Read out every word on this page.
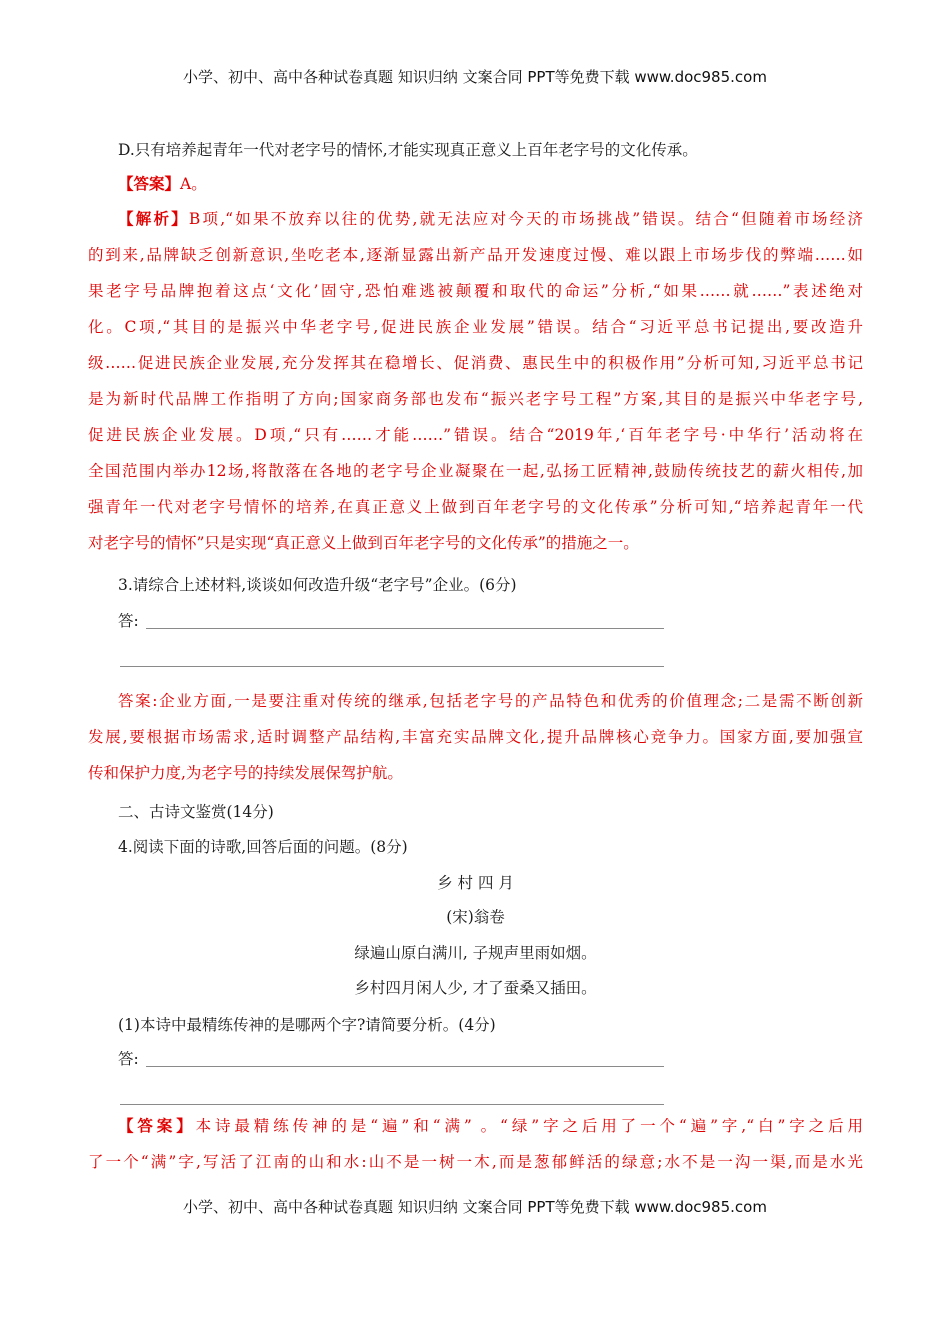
小学、初中、高中各种试卷真题 知识归纳 文案合同 PPT等免费下载 www.doc985.com
D.只有培养起青年一代对老字号的情怀,才能实现真正意义上百年老字号的文化传承。
【答案】A。
【解析】B项,“如果不放弃以往的优势,就无法应对今天的市场挑战”错误。结合“但随着市场经济
的到来,品牌缺乏创新意识,坐吃老本,逐渐显露出新产品开发速度过慢、难以跟上市场步伐的弊端……如
果老字号品牌抱着这点‘文化’固守,恐怕难逃被颠覆和取代的命运”分析,“如果……就……”表述绝对
化。C项,“其目的是振兴中华老字号,促进民族企业发展”错误。结合“习近平总书记提出,要改造升
级……促进民族企业发展,充分发挥其在稳增长、促消费、惠民生中的积极作用”分析可知,习近平总书记
是为新时代品牌工作指明了方向;国家商务部也发布“振兴老字号工程”方案,其目的是振兴中华老字号,
促进民族企业发展。D项,“只有……才能……”错误。结合“2019年,‘百年老字号·中华行’活动将在
全国范围内举办12场,将散落在各地的老字号企业凝聚在一起,弘扬工匠精神,鼓励传统技艺的薪火相传,加
强青年一代对老字号情怀的培养,在真正意义上做到百年老字号的文化传承”分析可知,“培养起青年一代
对老字号的情怀”只是实现“真正意义上做到百年老字号的文化传承”的措施之一。
3.请综合上述材料,谈谈如何改造升级“老字号”企业。(6分)
答:
答案:企业方面,一是要注重对传统的继承,包括老字号的产品特色和优秀的价值理念;二是需不断创新
发展,要根据市场需求,适时调整产品结构,丰富充实品牌文化,提升品牌核心竞争力。国家方面,要加强宣
传和保护力度,为老字号的持续发展保驾护航。
二、古诗文鉴赏(14分)
4.阅读下面的诗歌,回答后面的问题。(8分)
乡 村 四 月
(宋)翁卷
绿遍山原白满川, 子规声里雨如烟。
乡村四月闲人少, 才了蚕桑又插田。
(1)本诗中最精练传神的是哪两个字?请简要分析。(4分)
答:
【答案】本诗最精练传神的是“遍”和“满” 。“绿”字之后用了一个“遍”字,“白”字之后用
了一个“满”字,写活了江南的山和水:山不是一树一木,而是葱郁鲜活的绿意;水不是一沟一渠,而是水光
小学、初中、高中各种试卷真题 知识归纳 文案合同 PPT等免费下载 www.doc985.com
